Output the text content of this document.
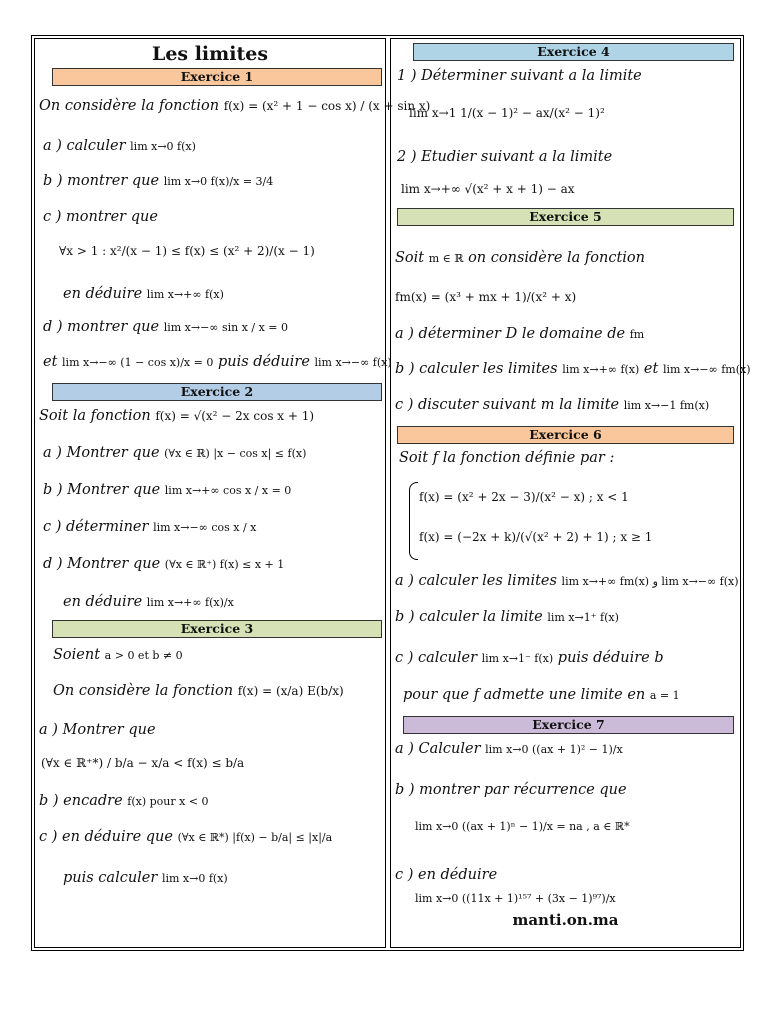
Les limites
Exercice 1
On considère la fonction f(x) = (x² + 1 − cos x) / (x + sin x)
a ) calculer lim x→0 f(x)
b ) montrer que lim x→0 f(x)/x = 3/4
c ) montrer que
∀x > 1 : x²/(x − 1) ≤ f(x) ≤ (x² + 2)/(x − 1)
en déduire lim x→+∞ f(x)
d ) montrer que lim x→−∞ sin x / x = 0
et lim x→−∞ (1 − cos x)/x = 0 puis déduire lim x→−∞ f(x)
Exercice 2
Soit la fonction f(x) = √(x² − 2x cos x + 1)
a ) Montrer que (∀x ∈ ℝ) |x − cos x| ≤ f(x)
b ) Montrer que lim x→+∞ cos x / x = 0
c ) déterminer lim x→−∞ cos x / x
d ) Montrer que (∀x ∈ ℝ⁺) f(x) ≤ x + 1
en déduire lim x→+∞ f(x)/x
Exercice 3
Soient a > 0 et b ≠ 0
On considère la fonction f(x) = (x/a) E(b/x)
a ) Montrer que
(∀x ∈ ℝ⁺*) / b/a − x/a < f(x) ≤ b/a
b ) encadre f(x) pour x < 0
c ) en déduire que (∀x ∈ ℝ*) |f(x) − b/a| ≤ |x|/a
puis calculer lim x→0 f(x)
Exercice 4
1 ) Déterminer suivant a la limite
lim x→1 1/(x − 1)² − ax/(x² − 1)²
2 ) Etudier suivant a la limite
lim x→+∞ √(x² + x + 1) − ax
Exercice 5
Soit m ∈ ℝ on considère la fonction
fm(x) = (x³ + mx + 1)/(x² + x)
a ) déterminer D le domaine de fm
b ) calculer les limites lim x→+∞ f(x) et lim x→−∞ fm(x)
c ) discuter suivant m la limite lim x→−1 fm(x)
Exercice 6
Soit f la fonction définie par :
f(x) = (x² + 2x − 3)/(x² − x) ; x < 1
f(x) = (−2x + k)/(√(x² + 2) + 1) ; x ≥ 1
a ) calculer les limites lim x→+∞ fm(x) و lim x→−∞ f(x)
b ) calculer la limite lim x→1⁺ f(x)
c ) calculer lim x→1⁻ f(x) puis déduire b
pour que f admette une limite en a = 1
Exercice 7
a ) Calculer lim x→0 ((ax + 1)² − 1)/x
b ) montrer par récurrence que
lim x→0 ((ax + 1)ⁿ − 1)/x = na , a ∈ ℝ*
c ) en déduire
lim x→0 ((11x + 1)¹⁵⁷ + (3x − 1)⁹⁷)/x
manti.on.ma
